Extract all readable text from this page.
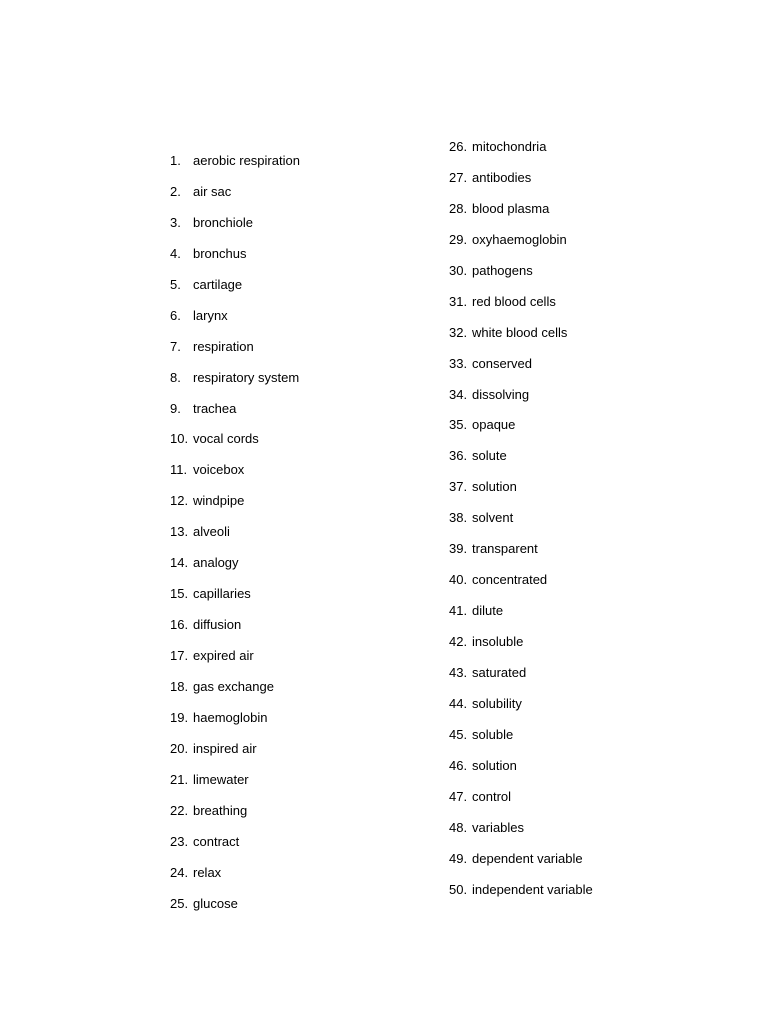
1. aerobic respiration
2. air sac
3. bronchiole
4. bronchus
5. cartilage
6. larynx
7. respiration
8. respiratory system
9. trachea
10. vocal cords
11. voicebox
12. windpipe
13. alveoli
14. analogy
15. capillaries
16. diffusion
17. expired air
18. gas exchange
19. haemoglobin
20. inspired air
21. limewater
22. breathing
23. contract
24. relax
25. glucose
26. mitochondria
27. antibodies
28. blood plasma
29. oxyhaemoglobin
30. pathogens
31. red blood cells
32. white blood cells
33. conserved
34. dissolving
35. opaque
36. solute
37. solution
38. solvent
39. transparent
40. concentrated
41. dilute
42. insoluble
43. saturated
44. solubility
45. soluble
46. solution
47. control
48. variables
49. dependent variable
50. independent variable
